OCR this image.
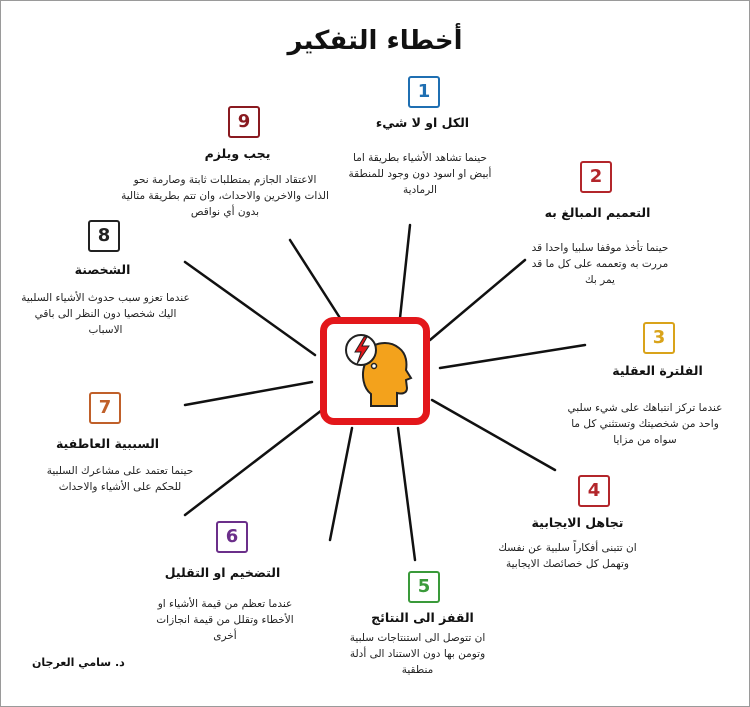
أخطاء التفكير
1
الكل او لا شيء
حينما تشاهد الأشياء بطريقة اما أبيض او اسود دون وجود للمنطقة الرمادية
2
التعميم المبالغ به
حينما تأخذ موقفا سلبيا واحدا قد مررت به وتعممه على كل ما قد يمر بك
3
الفلترة العقلية
عندما تركز انتباهك على شيء سلبي واحد من شخصيتك وتستثني كل ما سواه من مزايا
4
تجاهل الايجابية
ان تتبنى أفكاراً سلبية عن نفسك وتهمل كل خصائصك الايجابية
5
القفز الى النتائج
ان تتوصل الى استنتاجات سلبية وتومن بها دون الاستناد الى أدلة منطقية
6
التضخيم او التقليل
عندما تعظم من قيمة الأشياء او الأخطاء وتقلل من قيمة انجازات أخرى
7
السببية العاطفية
حينما تعتمد على مشاعرك السلبية للحكم على الأشياء والاحداث
8
الشخصنة
عندما تعزو سبب حدوث الأشياء السلبية اليك شخصيا دون النظر الى باقي الاسباب
9
يجب ويلزم
الاعتقاد الجازم بمتطلبات ثابتة وصارمة نحو الذات والاخرين والاحداث، وان تتم بطريقة مثالية بدون أي نواقص
د. سامي العرجان
